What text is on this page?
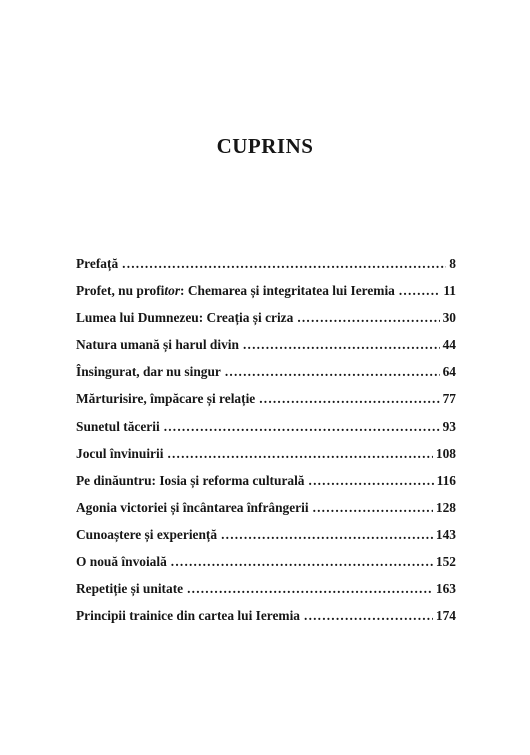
CUPRINS
Prefață .....	8
Profet, nu profitor: Chemarea și integritatea lui Ieremia .....	11
Lumea lui Dumnezeu: Creația și criza .....	30
Natura umană și harul divin .....	44
Însingurat, dar nu singur .....	64
Mărturisire, împăcare și relație .....	77
Sunetul tăcerii .....	93
Jocul învinuirii .....	108
Pe dinăuntru: Iosia și reforma culturală .....	116
Agonia victoriei și încântarea înfrângerii .....	128
Cunoaștere și experiență .....	143
O nouă învoială .....	152
Repetiție și unitate .....	163
Principii trainice din cartea lui Ieremia .....	174
